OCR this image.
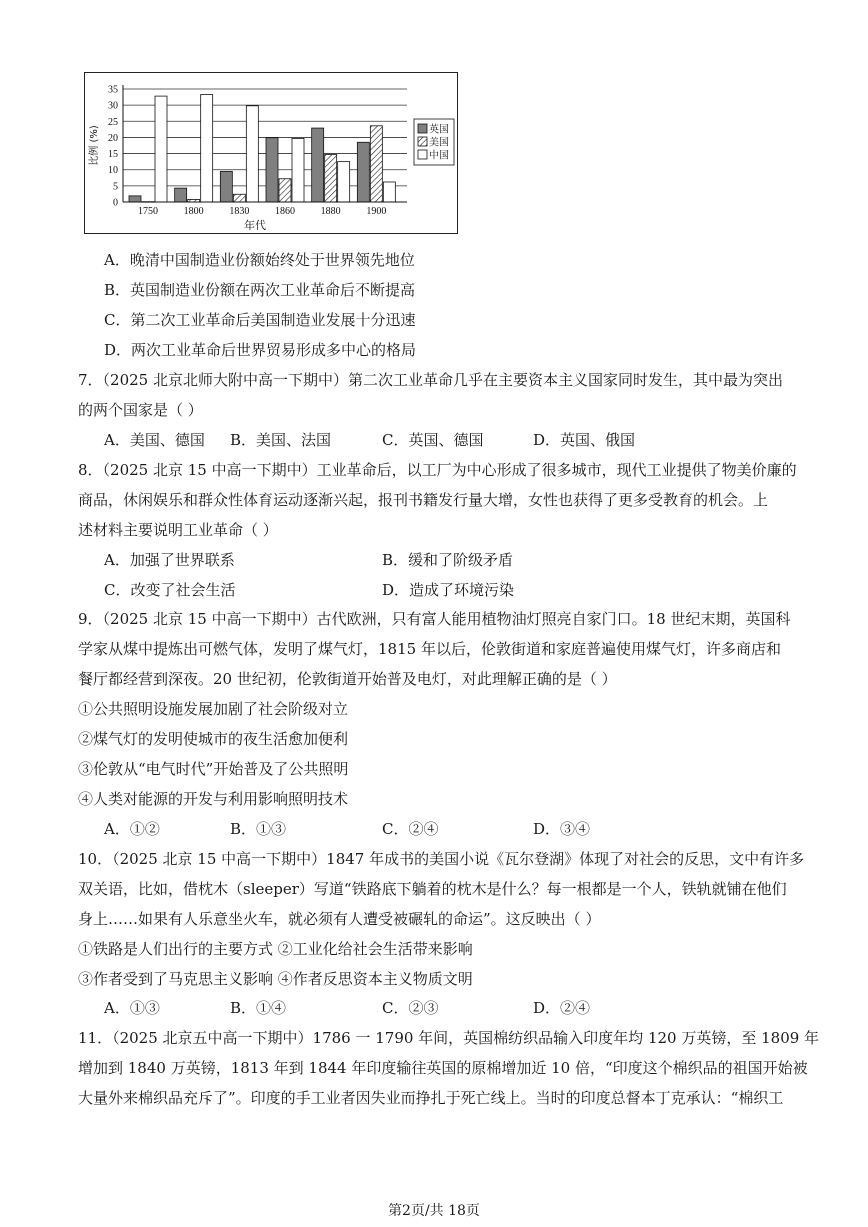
0
5
10
15
20
25
30
35
1750	1800	1830	1860	1880	1900
年代
比例 (%)	英国
美国
中国
A．晚清中国制造业份额始终处于世界领先地位
B．英国制造业份额在两次工业革命后不断提高
C．第二次工业革命后美国制造业发展十分迅速
D．两次工业革命后世界贸易形成多中心的格局
7．（2025 北京北师大附中高一下期中）第二次工业革命几乎在主要资本主义国家同时发生，其中最为突出
的两个国家是（ ）
A．美国、德国 B．美国、法国	C．英国、德国	D．英国、俄国
8．（2025 北京 15 中高一下期中）工业革命后，以工厂为中心形成了很多城市，现代工业提供了物美价廉的
商品，休闲娱乐和群众性体育运动逐渐兴起，报刊书籍发行量大增，女性也获得了更多受教育的机会。上
述材料主要说明工业革命（ ）
A．加强了世界联系	B．缓和了阶级矛盾
C．改变了社会生活	D．造成了环境污染
9．（2025 北京 15 中高一下期中）古代欧洲，只有富人能用植物油灯照亮自家门口。18 世纪末期，英国科
学家从煤中提炼出可燃气体，发明了煤气灯，1815 年以后，伦敦街道和家庭普遍使用煤气灯，许多商店和
餐厅都经营到深夜。20 世纪初，伦敦街道开始普及电灯，对此理解正确的是（ ）
①公共照明设施发展加剧了社会阶级对立
②煤气灯的发明使城市的夜生活愈加便利
③伦敦从“电气时代”开始普及了公共照明
④人类对能源的开发与利用影响照明技术
A．①②	B．①③	C．②④	D．③④
10．（2025 北京 15 中高一下期中）1847 年成书的美国小说《瓦尔登湖》体现了对社会的反思，文中有许多
双关语，比如，借枕木（sleeper）写道“铁路底下躺着的枕木是什么？每一根都是一个人，铁轨就铺在他们
身上……如果有人乐意坐火车，就必须有人遭受被碾轧的命运”。这反映出（ ）
①铁路是人们出行的主要方式 ②工业化给社会生活带来影响
③作者受到了马克思主义影响 ④作者反思资本主义物质文明
A．①③	B．①④	C．②③	D．②④
11．（2025 北京五中高一下期中）1786 一 1790 年间，英国棉纺织品输入印度年均 120 万英镑，至 1809 年
增加到 1840 万英镑，1813 年到 1844 年印度输往英国的原棉增加近 10 倍，“印度这个棉织品的祖国开始被
大量外来棉织品充斥了”。印度的手工业者因失业而挣扎于死亡线上。当时的印度总督本丁克承认：“棉织工
第2页/共 18页
